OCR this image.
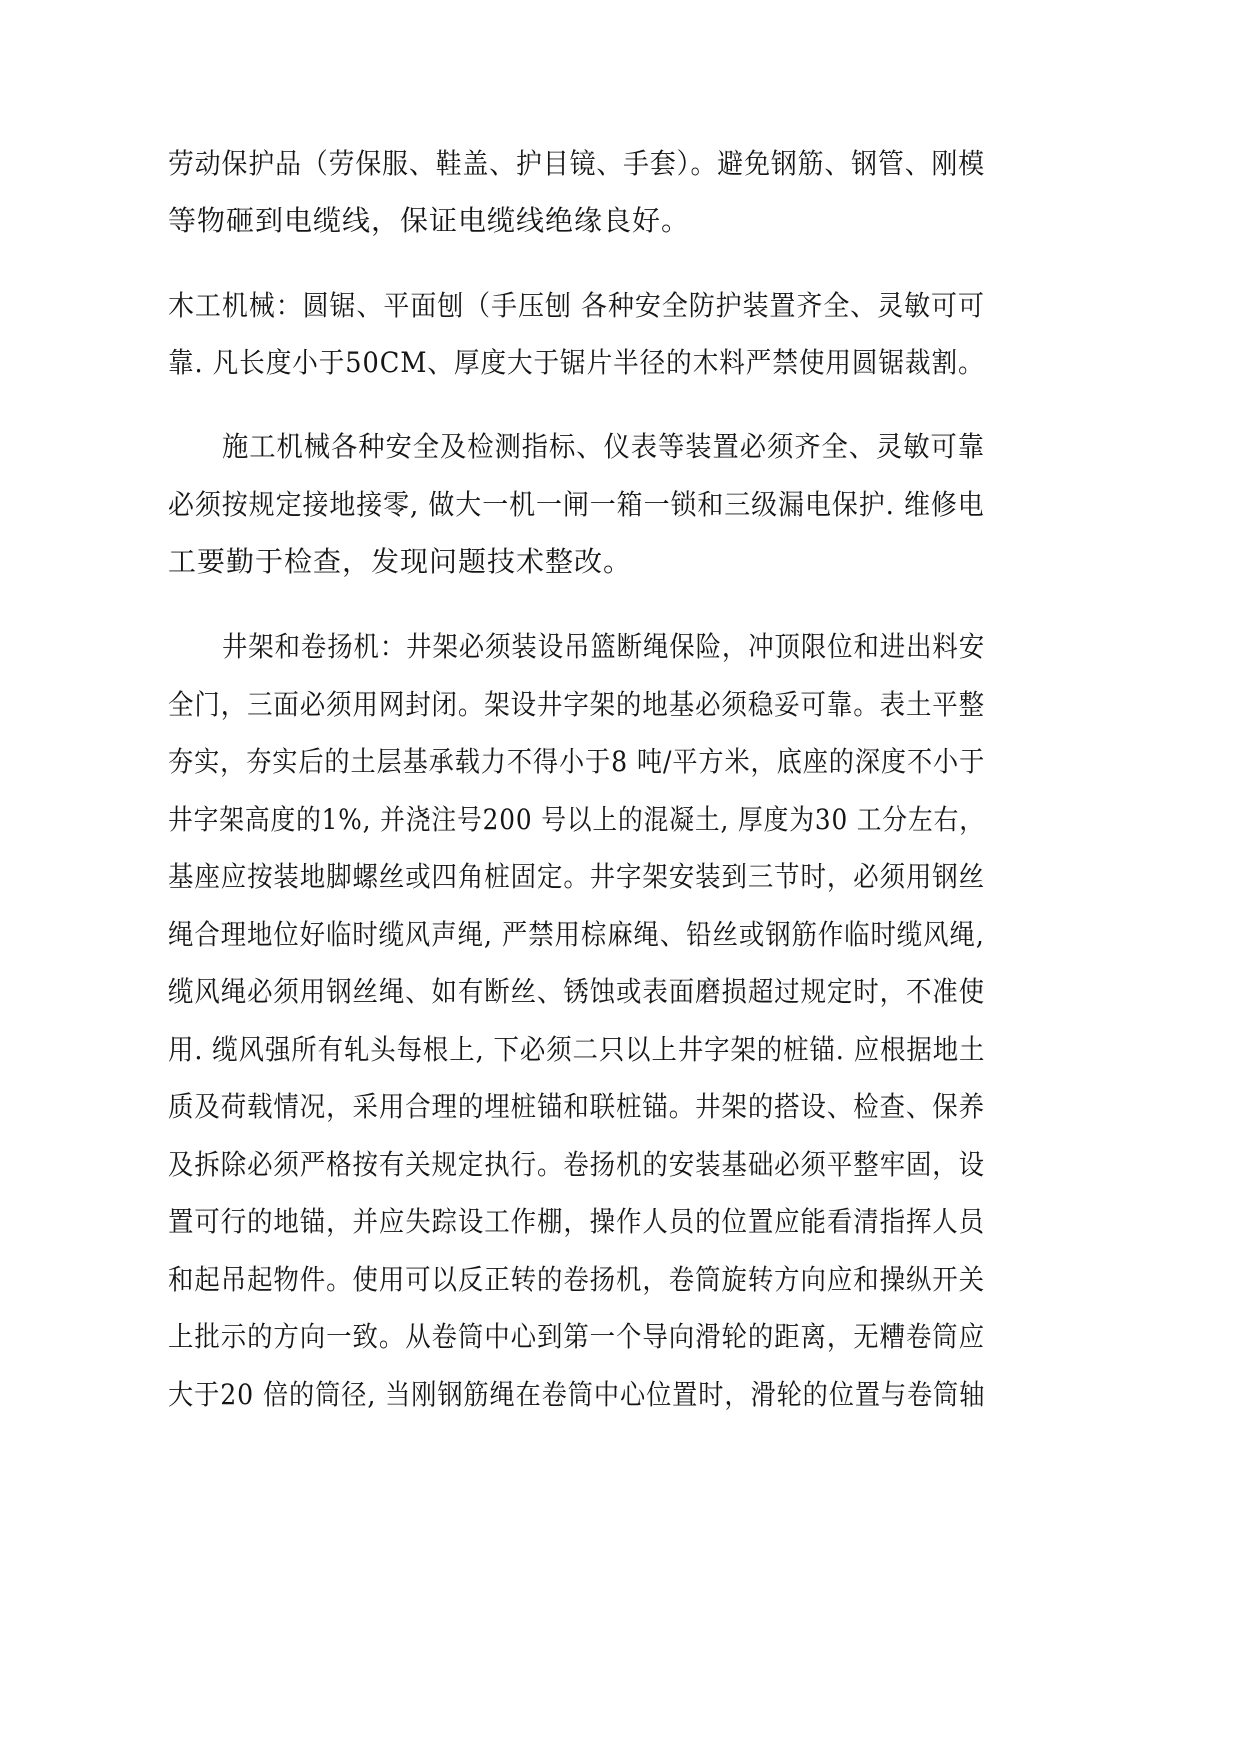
劳动保护品（劳保服、鞋盖、护目镜、手套）。避免钢筋、钢管、刚模
等物砸到电缆线，保证电缆线绝缘良好。
木工机械：圆锯、平面刨（手压刨 各种安全防护装置齐全、灵敏可可
靠. 凡长度小于50CM、厚度大于锯片半径的木料严禁使用圆锯裁割。
施工机械各种安全及检测指标、仪表等装置必须齐全、灵敏可靠
必须按规定接地接零, 做大一机一闸一箱一锁和三级漏电保护. 维修电
工要勤于检查，发现问题技术整改。
井架和卷扬机：井架必须装设吊篮断绳保险，冲顶限位和进出料安
全门，三面必须用网封闭。架设井字架的地基必须稳妥可靠。表土平整
夯实，夯实后的土层基承载力不得小于8 吨/平方米，底座的深度不小于
井字架高度的1%, 并浇注号200 号以上的混凝土, 厚度为30 工分左右，
基座应按装地脚螺丝或四角桩固定。井字架安装到三节时，必须用钢丝
绳合理地位好临时缆风声绳, 严禁用棕麻绳、铅丝或钢筋作临时缆风绳,
缆风绳必须用钢丝绳、如有断丝、锈蚀或表面磨损超过规定时，不准使
用. 缆风强所有轧头每根上, 下必须二只以上井字架的桩锚. 应根据地土
质及荷载情况，采用合理的埋桩锚和联桩锚。井架的搭设、检查、保养
及拆除必须严格按有关规定执行。卷扬机的安装基础必须平整牢固，设
置可行的地锚，并应失踪设工作棚，操作人员的位置应能看清指挥人员
和起吊起物件。使用可以反正转的卷扬机，卷筒旋转方向应和操纵开关
上批示的方向一致。从卷筒中心到第一个导向滑轮的距离，无糟卷筒应
大于20 倍的筒径, 当刚钢筋绳在卷筒中心位置时，滑轮的位置与卷筒轴
